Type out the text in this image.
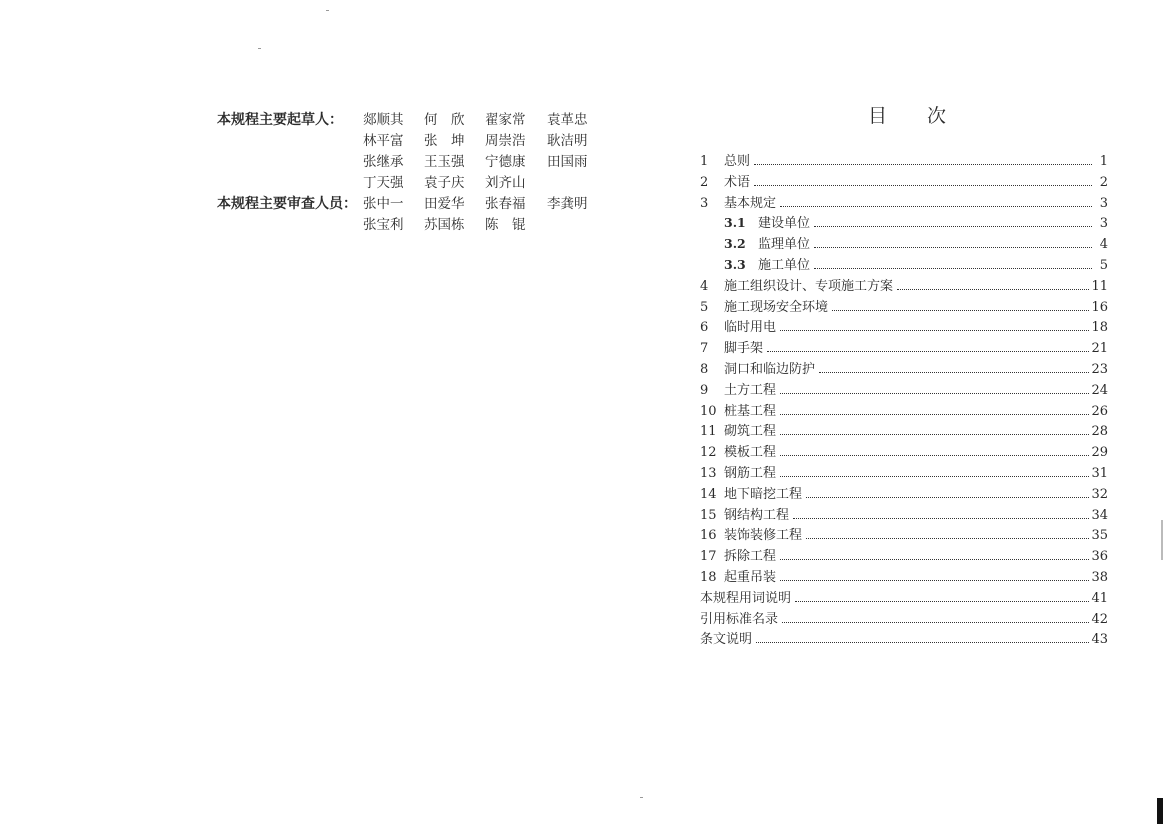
本规程主要起草人：	郯顺其	何　欣	翟家常	袁革忠
林平富	张　坤	周崇浩	耿洁明
张继承	王玉强	宁德康	田国雨
丁天强	袁子庆	刘齐山
本规程主要审查人员： 张中一	田爱华	张春福	李龚明
张宝利	苏国栋	陈　锟
目次
1	总则	1
2	术语	2
3	基本规定	3
3.1 建设单位	3
3.2 监理单位	4
3.3 施工单位	5
4	施工组织设计、专项施工方案	11
5	施工现场安全环境	16
6	临时用电	18
7	脚手架	21
8	洞口和临边防护	23
9	土方工程	24
10 桩基工程	26
11 砌筑工程	28
12 模板工程	29
13 钢筋工程	31
14 地下暗挖工程	32
15 钢结构工程	34
16 装饰装修工程	35
17 拆除工程	36
18 起重吊装	38
本规程用词说明	41
引用标准名录	42
条文说明	43
